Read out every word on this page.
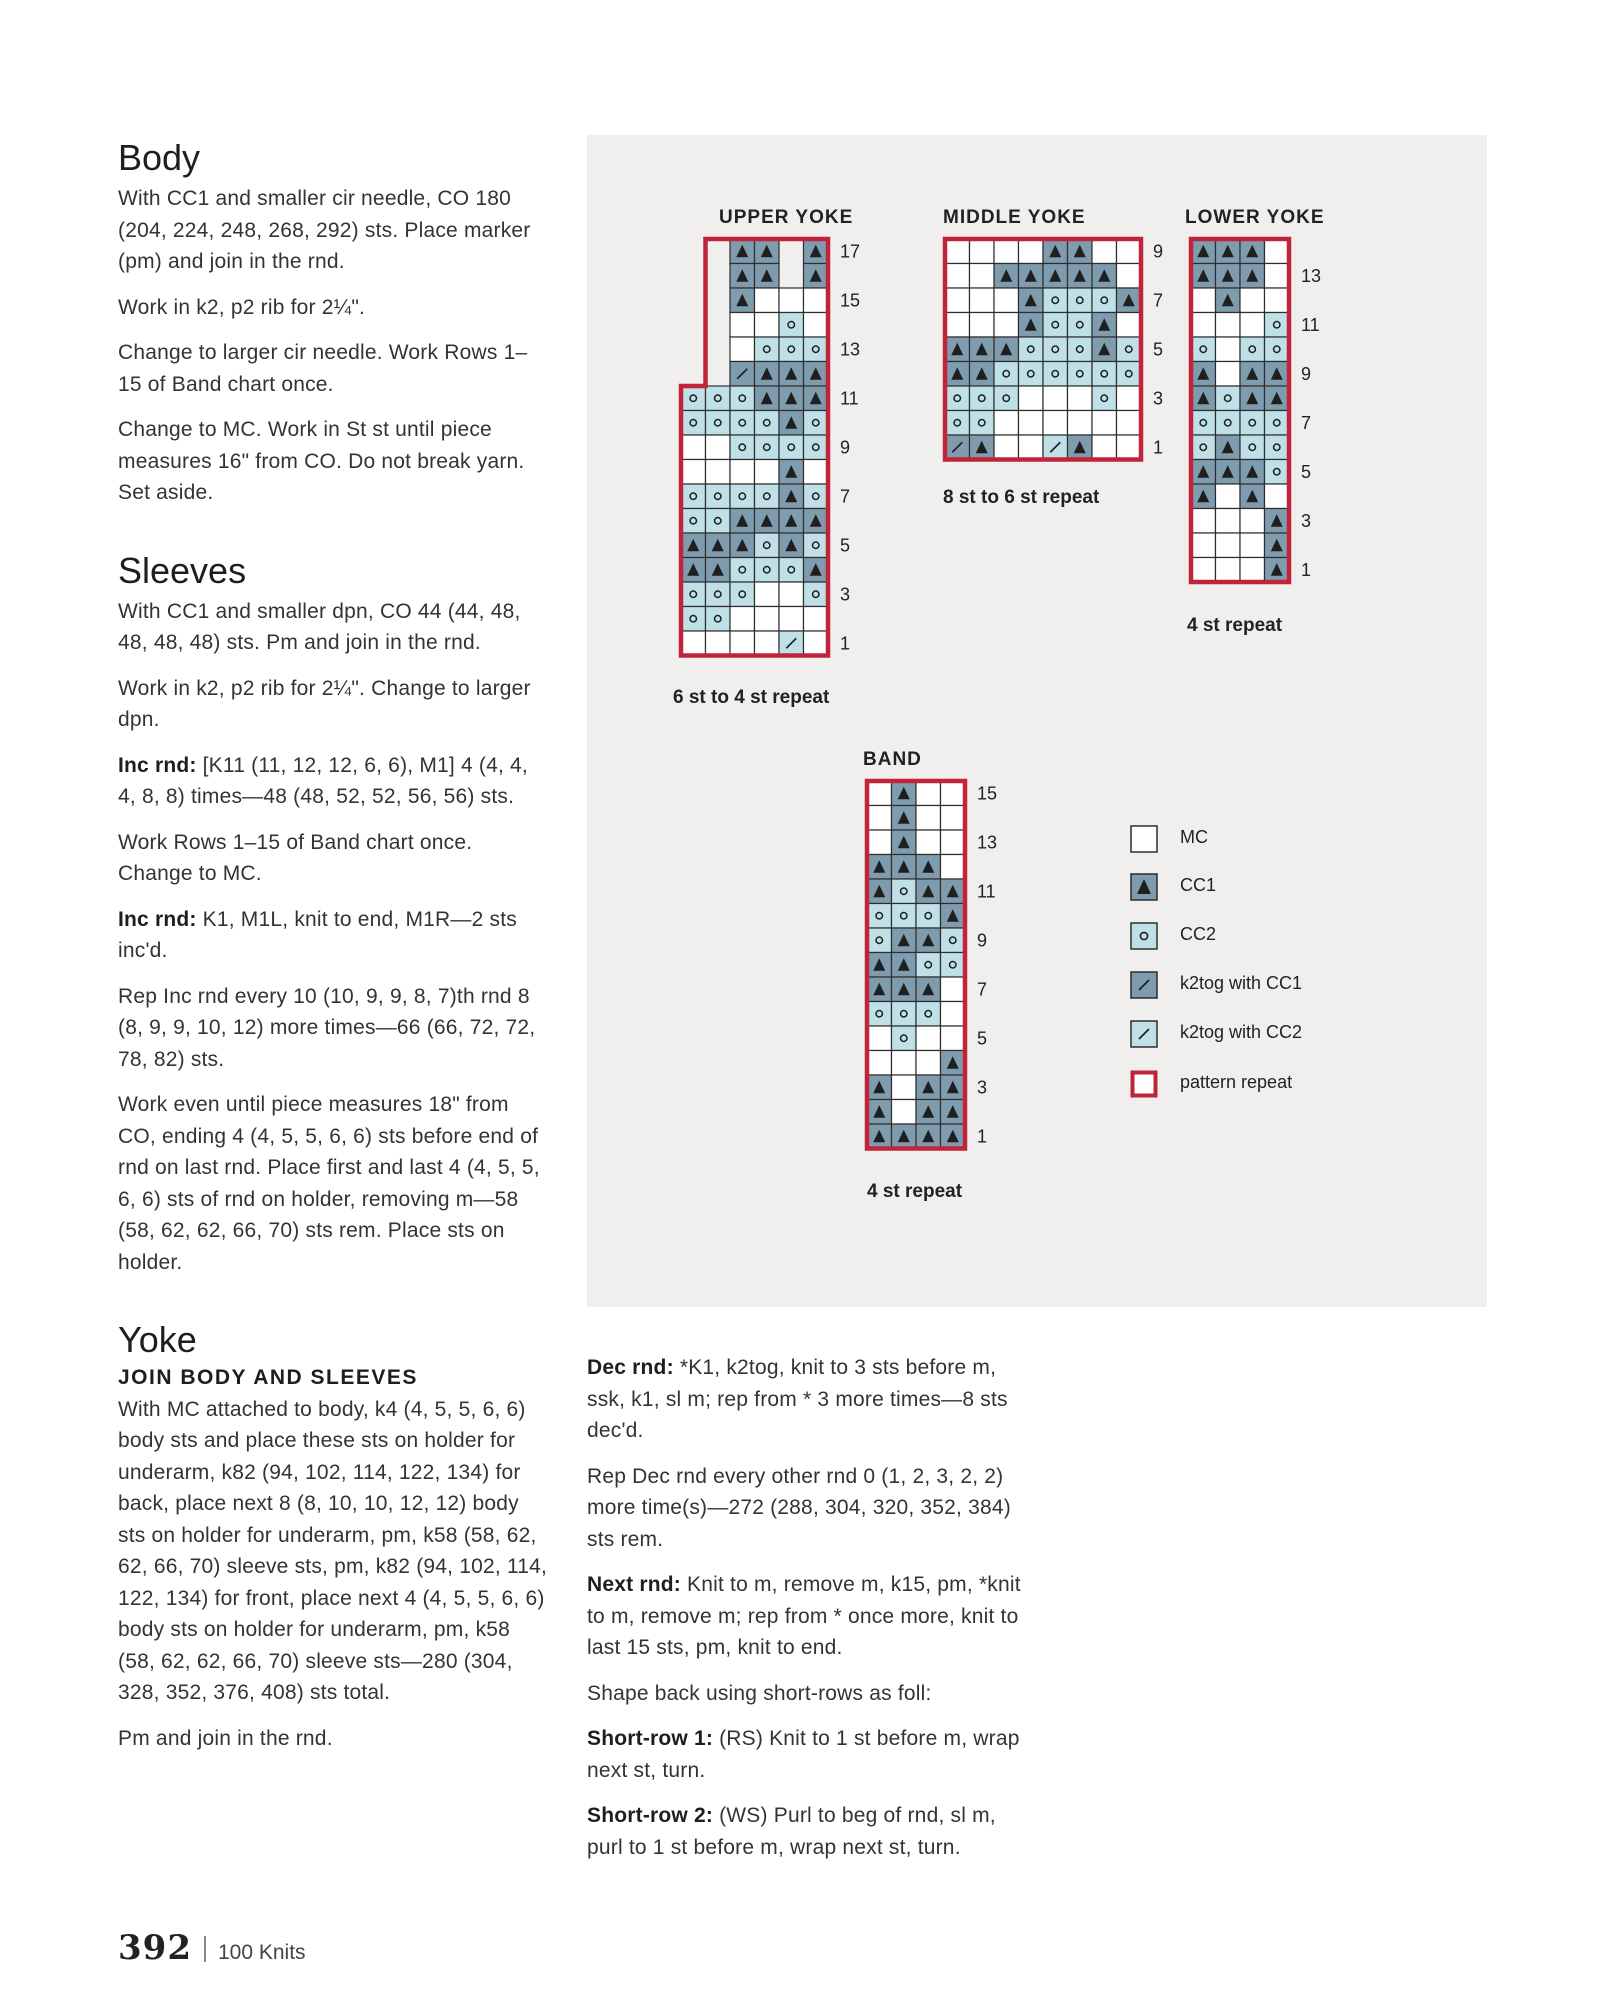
Body

With CC1 and smaller cir needle, CO 180 (204, 224, 248, 268, 292) sts. Place marker (pm) and join in the rnd.

Work in k2, p2 rib for 2¼".

Change to larger cir needle. Work Rows 1–15 of Band chart once.

Change to MC. Work in St st until piece measures 16" from CO. Do not break yarn. Set aside.

Sleeves

With CC1 and smaller dpn, CO 44 (44, 48, 48, 48, 48) sts. Pm and join in the rnd.

Work in k2, p2 rib for 2¼". Change to larger dpn.

Inc rnd: [K11 (11, 12, 12, 6, 6), M1] 4 (4, 4, 4, 8, 8) times—48 (48, 52, 52, 56, 56) sts.

Work Rows 1–15 of Band chart once. Change to MC.

Inc rnd: K1, M1L, knit to end, M1R—2 sts inc'd.

Rep Inc rnd every 10 (10, 9, 9, 8, 7)th rnd 8 (8, 9, 9, 10, 12) more times—66 (66, 72, 72, 78, 82) sts.

Work even until piece measures 18" from CO, ending 4 (4, 5, 5, 6, 6) sts before end of rnd on last rnd. Place first and last 4 (4, 5, 5, 6, 6) sts of rnd on holder, removing m—58 (58, 62, 62, 66, 70) sts rem. Place sts on holder.

Yoke
JOIN BODY AND SLEEVES

With MC attached to body, k4 (4, 5, 5, 6, 6) body sts and place these sts on holder for underarm, k82 (94, 102, 114, 122, 134) for back, place next 8 (8, 10, 10, 12, 12) body sts on holder for underarm, pm, k58 (58, 62, 62, 66, 70) sleeve sts, pm, k82 (94, 102, 114, 122, 134) for front, place next 4 (4, 5, 5, 6, 6) body sts on holder for underarm, pm, k58 (58, 62, 62, 66, 70) sleeve sts—280 (304, 328, 352, 376, 408) sts total.

Pm and join in the rnd.

UPPER YOKE
17
15
13
11
9
7
5
3
1
6 st to 4 st repeat
MIDDLE YOKE
9
7
5
3
1
8 st to 6 st repeat
LOWER YOKE
13
11
9
7
5
3
1
4 st repeat
BAND
15
13
11
9
7
5
3
1
4 st repeat
MC
CC1
CC2
k2tog with CC1
k2tog with CC2
pattern repeat

Dec rnd: *K1, k2tog, knit to 3 sts before m, ssk, k1, sl m; rep from * 3 more times—8 sts dec'd.

Rep Dec rnd every other rnd 0 (1, 2, 3, 2, 2) more time(s)—272 (288, 304, 320, 352, 384) sts rem.

Next rnd: Knit to m, remove m, k15, pm, *knit to m, remove m; rep from * once more, knit to last 15 sts, pm, knit to end.

Shape back using short-rows as foll:

Short-row 1: (RS) Knit to 1 st before m, wrap next st, turn.

Short-row 2: (WS) Purl to beg of rnd, sl m, purl to 1 st before m, wrap next st, turn.

392 100 Knits
